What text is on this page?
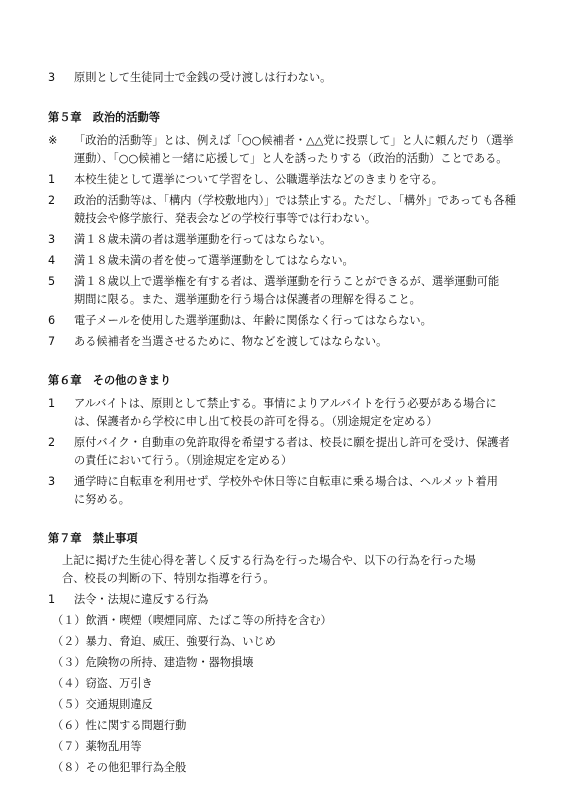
3 原則として生徒同士で金銭の受け渡しは行わない。
第５章　政治的活動等
※ 「政治的活動等」とは、例えば「○○候補者・△△党に投票して」と人に頼んだり（選挙
運動）、「○○候補と一緒に応援して」と人を誘ったりする（政治的活動）ことである。
1 本校生徒として選挙について学習をし、公職選挙法などのきまりを守る。
2 政治的活動等は、「構内（学校敷地内）」では禁止する。ただし、「構外」であっても各種
競技会や修学旅行、発表会などの学校行事等では行わない。
3 満１８歳未満の者は選挙運動を行ってはならない。
4 満１８歳未満の者を使って選挙運動をしてはならない。
5 満１８歳以上で選挙権を有する者は、選挙運動を行うことができるが、選挙運動可能
期間に限る。また、選挙運動を行う場合は保護者の理解を得ること。
6 電子メールを使用した選挙運動は、年齢に関係なく行ってはならない。
7 ある候補者を当選させるために、物などを渡してはならない。
第６章　その他のきまり
1 アルバイトは、原則として禁止する。事情によりアルバイトを行う必要がある場合に
は、保護者から学校に申し出て校長の許可を得る。（別途規定を定める）
2 原付バイク・自動車の免許取得を希望する者は、校長に願を提出し許可を受け、保護者
の責任において行う。（別途規定を定める）
3 通学時に自転車を利用せず、学校外や休日等に自転車に乗る場合は、ヘルメット着用
に努める。
第７章　禁止事項
上記に掲げた生徒心得を著しく反する行為を行った場合や、以下の行為を行った場
合、校長の判断の下、特別な指導を行う。
1 法令・法規に違反する行為
（１）飲酒・喫煙（喫煙同席、たばこ等の所持を含む）
（２）暴力、脅迫、威圧、強要行為、いじめ
（３）危険物の所持、建造物・器物損壊
（４）窃盗、万引き
（５）交通規則違反
（６）性に関する問題行動
（７）薬物乱用等
（８）その他犯罪行為全般
